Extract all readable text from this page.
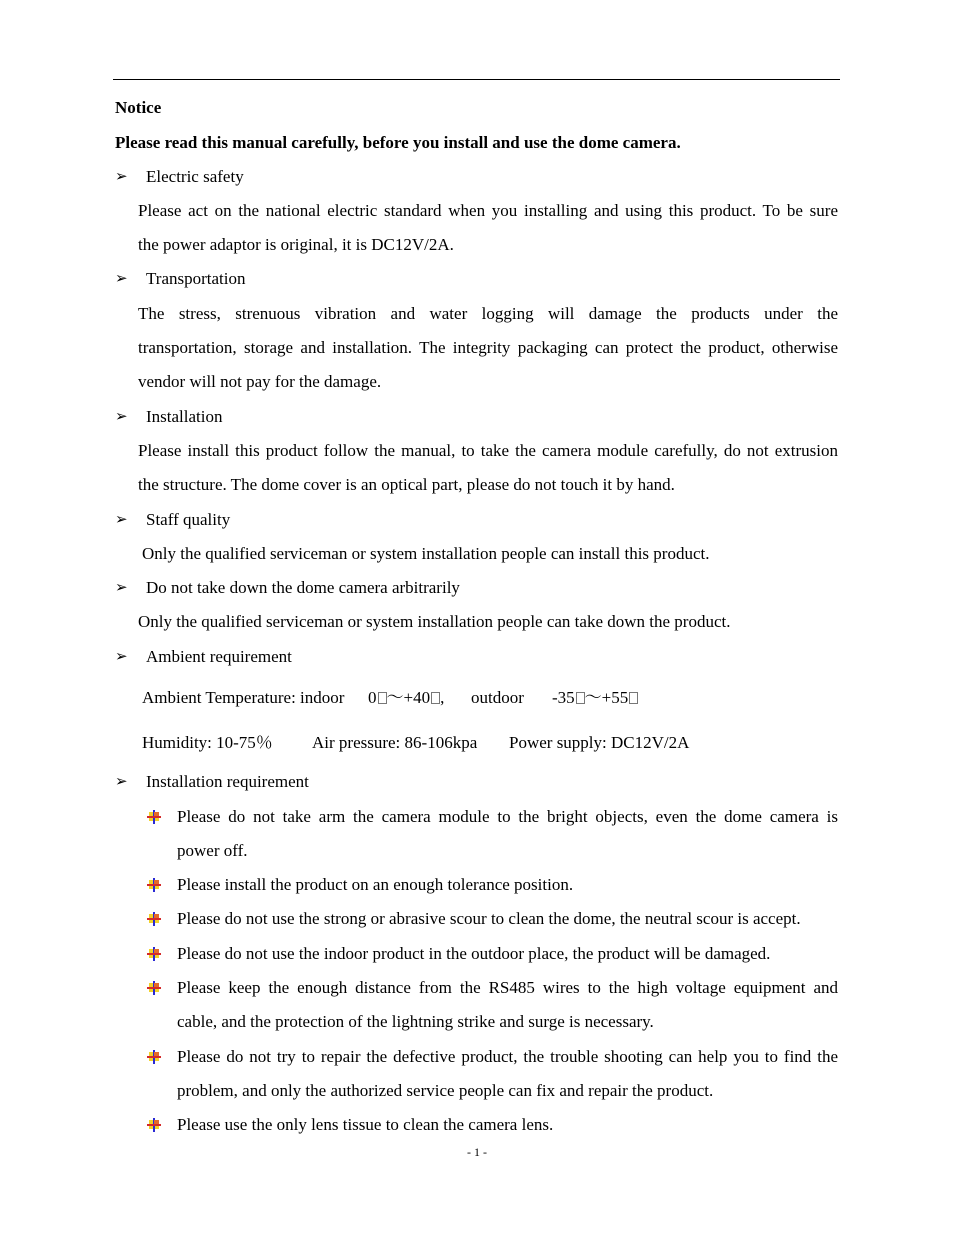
Notice
Please read this manual carefully, before you install and use the dome camera.
➢ Electric safety
Please act on the national electric standard when you installing and using this product. To be sure
the power adaptor is original, it is DC12V/2A.
➢ Transportation
The stress, strenuous vibration and water logging will damage the products under the
transportation, storage and installation. The integrity packaging can protect the product, otherwise
vendor will not pay for the damage.
➢ Installation
Please install this product follow the manual, to take the camera module carefully, do not extrusion
the structure. The dome cover is an optical part, please do not touch it by hand.
➢ Staff quality
Only the qualified serviceman or system installation people can install this product.
➢ Do not take down the dome camera arbitrarily
Only the qualified serviceman or system installation people can take down the product.
➢ Ambient requirement
Ambient Temperature: indoor 0 ～+40 , outdoor -35 ～+55
Humidity: 10-75％ Air pressure: 86-106kpa Power supply: DC12V/2A
➢ Installation requirement
Please do not take arm the camera module to the bright objects, even the dome camera is
power off.
Please install the product on an enough tolerance position.
Please do not use the strong or abrasive scour to clean the dome, the neutral scour is accept.
Please do not use the indoor product in the outdoor place, the product will be damaged.
Please keep the enough distance from the RS485 wires to the high voltage equipment and
cable, and the protection of the lightning strike and surge is necessary.
Please do not try to repair the defective product, the trouble shooting can help you to find the
problem, and only the authorized service people can fix and repair the product.
Please use the only lens tissue to clean the camera lens.
- 1 -
